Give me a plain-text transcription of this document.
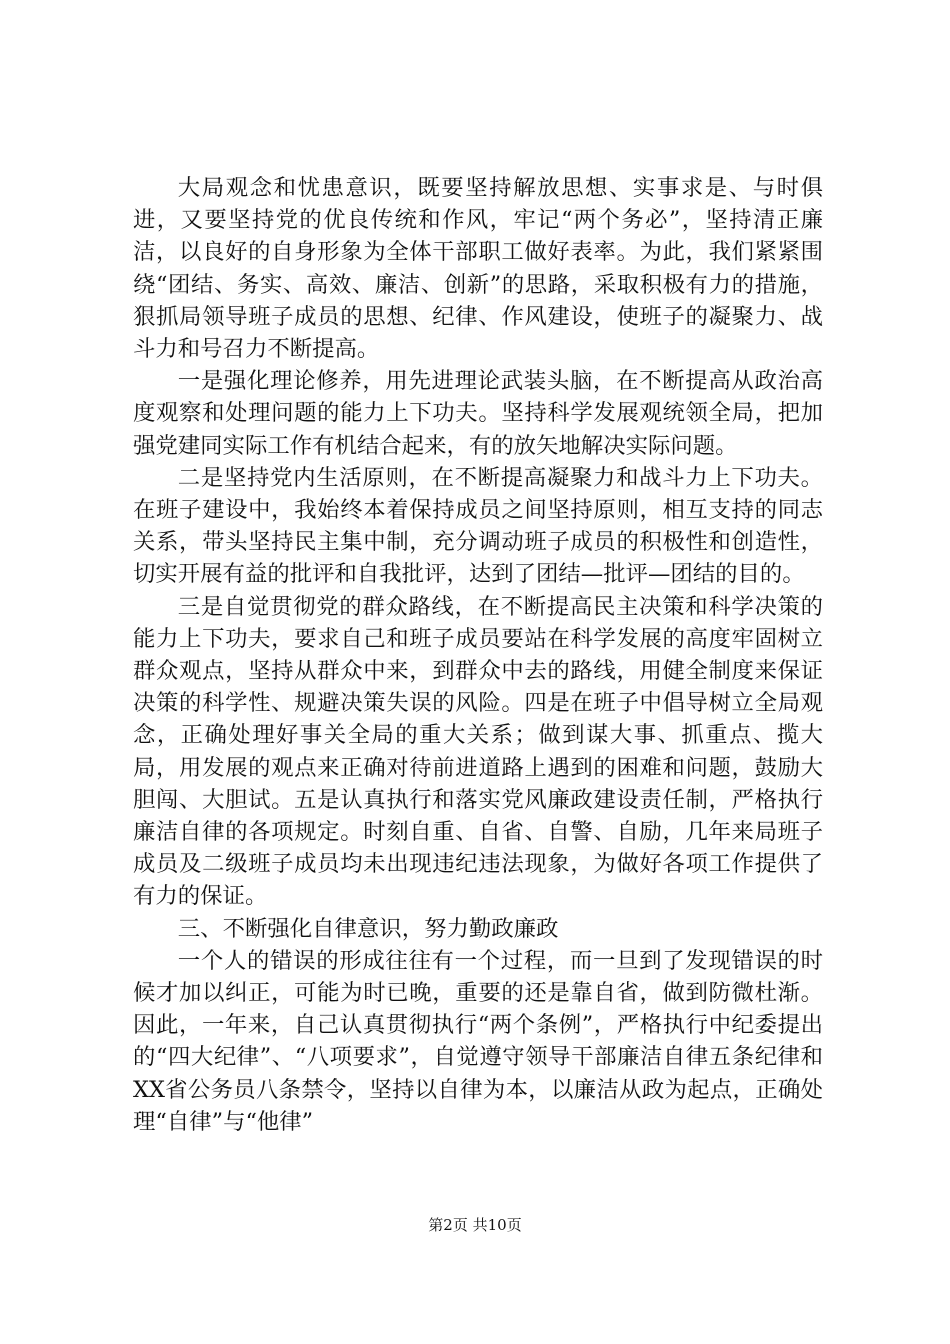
大局观念和忧患意识，既要坚持解放思想、实事求是、与时俱进，又要坚持党的优良传统和作风，牢记“两个务必”，坚持清正廉洁，以良好的自身形象为全体干部职工做好表率。为此，我们紧紧围绕“团结、务实、高效、廉洁、创新”的思路，采取积极有力的措施，狠抓局领导班子成员的思想、纪律、作风建设，使班子的凝聚力、战斗力和号召力不断提高。

一是强化理论修养，用先进理论武装头脑，在不断提高从政治高度观察和处理问题的能力上下功夫。坚持科学发展观统领全局，把加强党建同实际工作有机结合起来，有的放矢地解决实际问题。

二是坚持党内生活原则，在不断提高凝聚力和战斗力上下功夫。在班子建设中，我始终本着保持成员之间坚持原则，相互支持的同志关系，带头坚持民主集中制，充分调动班子成员的积极性和创造性，切实开展有益的批评和自我批评，达到了团结—批评—团结的目的。

三是自觉贯彻党的群众路线，在不断提高民主决策和科学决策的能力上下功夫，要求自己和班子成员要站在科学发展的高度牢固树立群众观点，坚持从群众中来，到群众中去的路线，用健全制度来保证决策的科学性、规避决策失误的风险。四是在班子中倡导树立全局观念，正确处理好事关全局的重大关系；做到谋大事、抓重点、揽大局，用发展的观点来正确对待前进道路上遇到的困难和问题，鼓励大胆闯、大胆试。五是认真执行和落实党风廉政建设责任制，严格执行廉洁自律的各项规定。时刻自重、自省、自警、自励，几年来局班子成员及二级班子成员均未出现违纪违法现象，为做好各项工作提供了有力的保证。

三、不断强化自律意识，努力勤政廉政

一个人的错误的形成往往有一个过程，而一旦到了发现错误的时候才加以纠正，可能为时已晚，重要的还是靠自省，做到防微杜渐。因此，一年来，自己认真贯彻执行“两个条例”，严格执行中纪委提出的“四大纪律”、“八项要求”，自觉遵守领导干部廉洁自律五条纪律和XX省公务员八条禁令，坚持以自律为本，以廉洁从政为起点，正确处理“自律”与“他律”

第2页 共10页
